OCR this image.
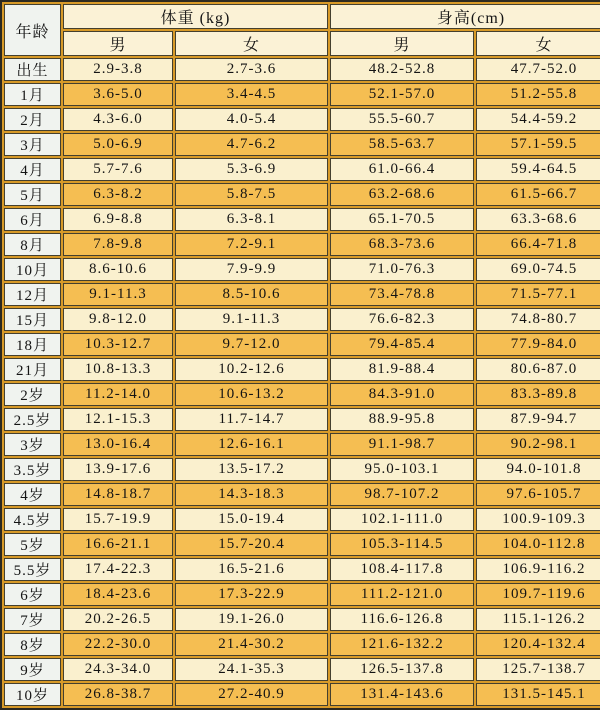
年龄	体重 (kg)		身高(cm)	
	男	女	男	女
出生	2.9-3.8	2.7-3.6	48.2-52.8	47.7-52.0
1月	3.6-5.0	3.4-4.5	52.1-57.0	51.2-55.8
2月	4.3-6.0	4.0-5.4	55.5-60.7	54.4-59.2
3月	5.0-6.9	4.7-6.2	58.5-63.7	57.1-59.5
4月	5.7-7.6	5.3-6.9	61.0-66.4	59.4-64.5
5月	6.3-8.2	5.8-7.5	63.2-68.6	61.5-66.7
6月	6.9-8.8	6.3-8.1	65.1-70.5	63.3-68.6
8月	7.8-9.8	7.2-9.1	68.3-73.6	66.4-71.8
10月	8.6-10.6	7.9-9.9	71.0-76.3	69.0-74.5
12月	9.1-11.3	8.5-10.6	73.4-78.8	71.5-77.1
15月	9.8-12.0	9.1-11.3	76.6-82.3	74.8-80.7
18月	10.3-12.7	9.7-12.0	79.4-85.4	77.9-84.0
21月	10.8-13.3	10.2-12.6	81.9-88.4	80.6-87.0
2岁	11.2-14.0	10.6-13.2	84.3-91.0	83.3-89.8
2.5岁	12.1-15.3	11.7-14.7	88.9-95.8	87.9-94.7
3岁	13.0-16.4	12.6-16.1	91.1-98.7	90.2-98.1
3.5岁	13.9-17.6	13.5-17.2	95.0-103.1	94.0-101.8
4岁	14.8-18.7	14.3-18.3	98.7-107.2	97.6-105.7
4.5岁	15.7-19.9	15.0-19.4	102.1-111.0	100.9-109.3
5岁	16.6-21.1	15.7-20.4	105.3-114.5	104.0-112.8
5.5岁	17.4-22.3	16.5-21.6	108.4-117.8	106.9-116.2
6岁	18.4-23.6	17.3-22.9	111.2-121.0	109.7-119.6
7岁	20.2-26.5	19.1-26.0	116.6-126.8	115.1-126.2
8岁	22.2-30.0	21.4-30.2	121.6-132.2	120.4-132.4
9岁	24.3-34.0	24.1-35.3	126.5-137.8	125.7-138.7
10岁	26.8-38.7	27.2-40.9	131.4-143.6	131.5-145.1
